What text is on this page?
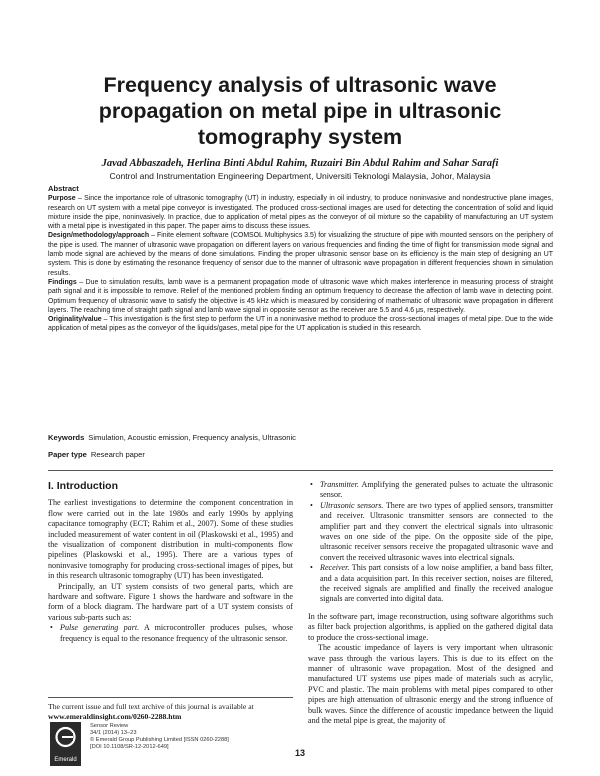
Frequency analysis of ultrasonic wave propagation on metal pipe in ultrasonic tomography system
Javad Abbaszadeh, Herlina Binti Abdul Rahim, Ruzairi Bin Abdul Rahim and Sahar Sarafi
Control and Instrumentation Engineering Department, Universiti Teknologi Malaysia, Johor, Malaysia
Abstract

Purpose – Since the importance role of ultrasonic tomography (UT) in industry, especially in oil industry, to produce noninvasive and nondestructive plane images, research on UT system with a metal pipe conveyor is investigated. The produced cross-sectional images are used for detecting the concentration of solid and liquid mixture inside the pipe, noninvasively. In practice, due to application of metal pipes as the conveyor of oil mixture so the capability of manufacturing an UT system with a metal pipe is investigated in this paper. The paper aims to discuss these issues.

Design/methodology/approach – Finite element software (COMSOL Multiphysics 3.5) for visualizing the structure of pipe with mounted sensors on the periphery of the pipe is used. The manner of ultrasonic wave propagation on different layers on various frequencies and finding the time of flight for transmission mode signal and lamb mode signal are achieved by the means of done simulations. Finding the proper ultrasonic sensor base on its efficiency is the main step of designing an UT system. This is done by estimating the resonance frequency of sensor due to the manner of ultrasonic wave propagation in different frequencies shown in simulation results.

Findings – Due to simulation results, lamb wave is a permanent propagation mode of ultrasonic wave which makes interference in measuring process of straight path signal and it is impossible to remove. Relief of the mentioned problem finding an optimum frequency to decrease the affection of lamb wave in detecting point. Optimum frequency of ultrasonic wave to satisfy the objective is 45 kHz which is measured by considering of mathematic of ultrasonic wave propagation in different layers. The reaching time of straight path signal and lamb wave signal in opposite sensor as the receiver are 5.5 and 4.6 μs, respectively.

Originality/value – This investigation is the first step to perform the UT in a noninvasive method to produce the cross-sectional images of metal pipe. Due to the wide application of metal pipes as the conveyor of the liquids/gases, metal pipe for the UT application is studied in this research.

Keywords Simulation, Acoustic emission, Frequency analysis, Ultrasonic
Paper type Research paper
I. Introduction

The earliest investigations to determine the component concentration in flow were carried out in the late 1980s and early 1990s by applying capacitance tomography (ECT; Rahim et al., 2007). Some of these studies included measurement of water content in oil (Plaskowski et al., 1995) and the visualization of component distribution in multi-components flow pipelines (Plaskowski et al., 1995). There are a various types of noninvasive tomography for producing cross-sectional images of pipes, but in this research ultrasonic tomography (UT) has been investigated.

Principally, an UT system consists of two general parts, which are hardware and software. Figure 1 shows the hardware and software in the form of a block diagram. The hardware part of a UT system consists of various sub-parts such as:

• Pulse generating part. A microcontroller produces pulses, whose frequency is equal to the resonance frequency of the ultrasonic sensor.
• Transmitter. Amplifying the generated pulses to actuate the ultrasonic sensor.
• Ultrasonic sensors. There are two types of applied sensors, transmitter and receiver. Ultrasonic transmitter sensors are connected to the amplifier part and they convert the electrical signals into ultrasonic waves on one side of the pipe. On the opposite side of the pipe, ultrasonic receiver sensors receive the propagated ultrasonic wave and convert the received ultrasonic waves into electrical signals.
• Receiver. This part consists of a low noise amplifier, a band bass filter, and a data acquisition part. In this receiver section, noises are filtered, the received signals are amplified and finally the received analogue signals are converted into digital data.

In the software part, image reconstruction, using software algorithms such as filter back projection algorithms, is applied on the gathered digital data to produce the cross-sectional image.

The acoustic impedance of layers is very important when ultrasonic wave pass through the various layers. This is due to its effect on the manner of ultrasonic wave propagation. Most of the designed and manufactured UT systems use pipes made of materials such as acrylic, PVC and plastic. The main problems with metal pipes compared to other pipes are high attenuation of ultrasonic energy and the strong influence of bulk waves. Since the difference of acoustic impedance between the liquid and the metal pipe is great, the majority of

The current issue and full text archive of this journal is available at
www.emeraldinsight.com/0260-2288.htm
Emerald
Sensor Review
34/1 (2014) 13–23
© Emerald Group Publishing Limited [ISSN 0260-2288]
[DOI 10.1108/SR-12-2012-649]
13
